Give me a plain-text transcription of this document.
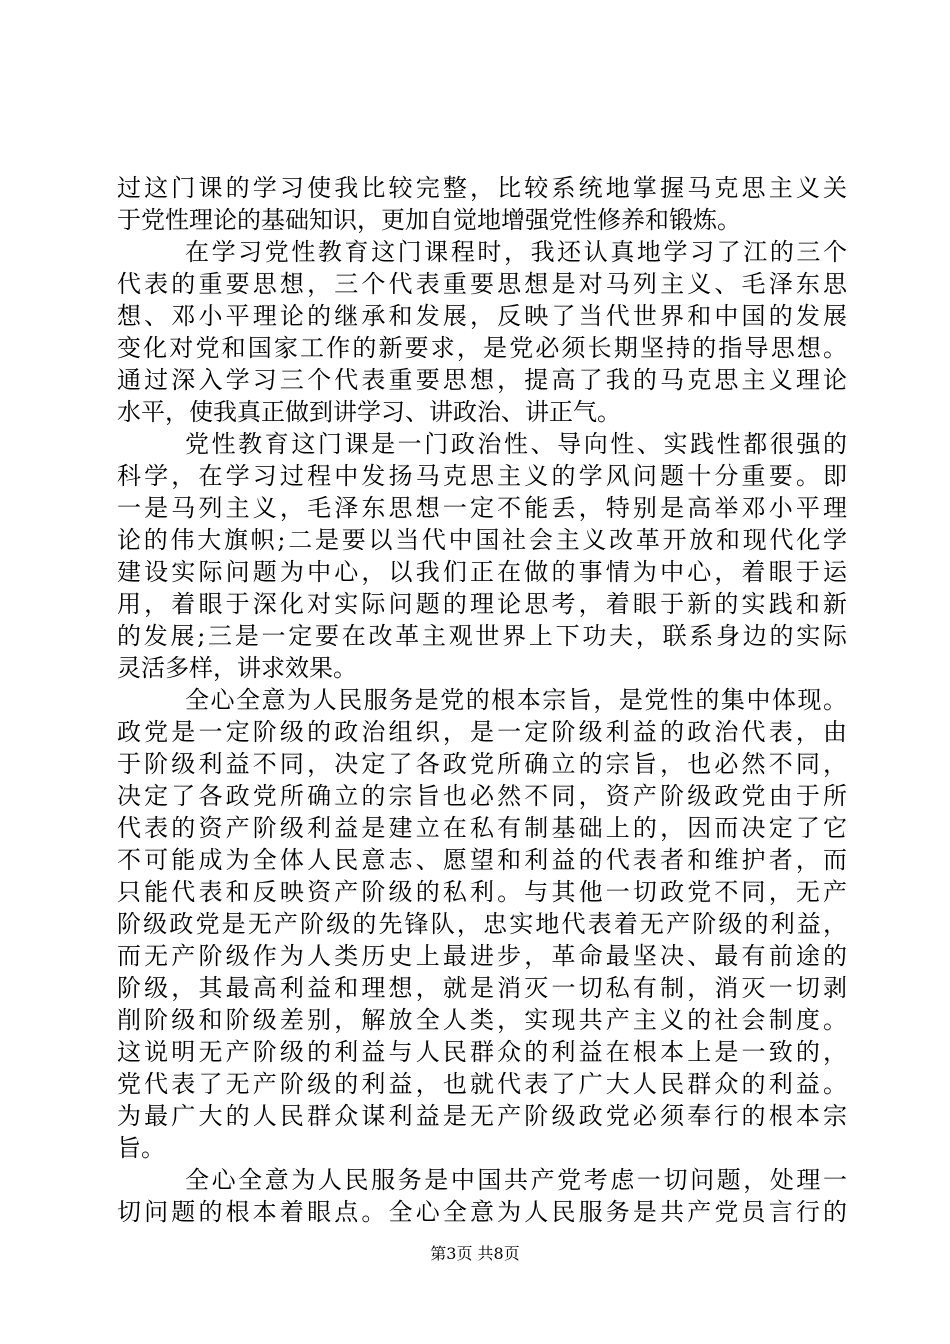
过这门课的学习使我比较完整，比较系统地掌握马克思主义关
于党性理论的基础知识，更加自觉地增强党性修养和锻炼。
在学习党性教育这门课程时，我还认真地学习了江的三个
代表的重要思想，三个代表重要思想是对马列主义、毛泽东思
想、邓小平理论的继承和发展，反映了当代世界和中国的发展
变化对党和国家工作的新要求，是党必须长期坚持的指导思想。
通过深入学习三个代表重要思想，提高了我的马克思主义理论
水平，使我真正做到讲学习、讲政治、讲正气。
党性教育这门课是一门政治性、导向性、实践性都很强的
科学，在学习过程中发扬马克思主义的学风问题十分重要。即
一是马列主义，毛泽东思想一定不能丢，特别是高举邓小平理
论的伟大旗帜;二是要以当代中国社会主义改革开放和现代化学
建设实际问题为中心，以我们正在做的事情为中心，着眼于运
用，着眼于深化对实际问题的理论思考，着眼于新的实践和新
的发展;三是一定要在改革主观世界上下功夫，联系身边的实际
灵活多样，讲求效果。
全心全意为人民服务是党的根本宗旨，是党性的集中体现。
政党是一定阶级的政治组织，是一定阶级利益的政治代表，由
于阶级利益不同，决定了各政党所确立的宗旨，也必然不同，
决定了各政党所确立的宗旨也必然不同，资产阶级政党由于所
代表的资产阶级利益是建立在私有制基础上的，因而决定了它
不可能成为全体人民意志、愿望和利益的代表者和维护者，而
只能代表和反映资产阶级的私利。与其他一切政党不同，无产
阶级政党是无产阶级的先锋队，忠实地代表着无产阶级的利益，
而无产阶级作为人类历史上最进步，革命最坚决、最有前途的
阶级，其最高利益和理想，就是消灭一切私有制，消灭一切剥
削阶级和阶级差别，解放全人类，实现共产主义的社会制度。
这说明无产阶级的利益与人民群众的利益在根本上是一致的，
党代表了无产阶级的利益，也就代表了广大人民群众的利益。
为最广大的人民群众谋利益是无产阶级政党必须奉行的根本宗
旨。
全心全意为人民服务是中国共产党考虑一切问题，处理一
切问题的根本着眼点。全心全意为人民服务是共产党员言行的
第3页 共8页
